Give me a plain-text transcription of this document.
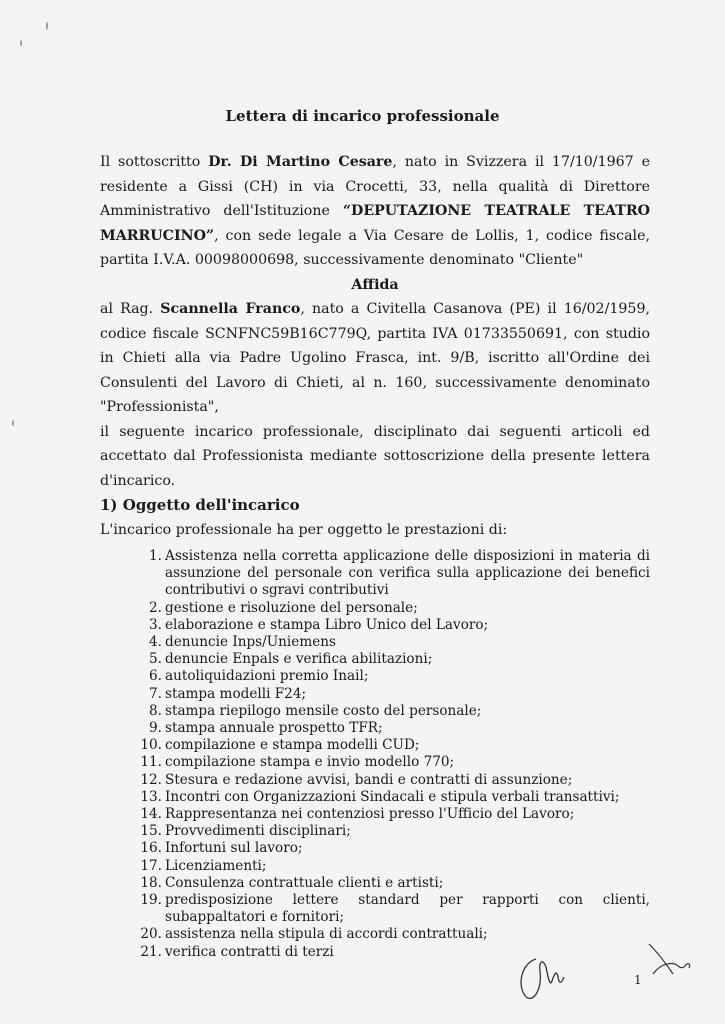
Lettera di incarico professionale

Il sottoscritto Dr. Di Martino Cesare, nato in Svizzera il 17/10/1967 e residente a Gissi (CH) in via Crocetti, 33, nella qualità di Direttore Amministrativo dell'Istituzione “DEPUTAZIONE TEATRALE TEATRO MARRUCINO”, con sede legale a Via Cesare de Lollis, 1, codice fiscale, partita I.V.A. 00098000698, successivamente denominato "Cliente"

Affida

al Rag. Scannella Franco, nato a Civitella Casanova (PE) il 16/02/1959, codice fiscale SCNFNC59B16C779Q, partita IVA 01733550691, con studio in Chieti alla via Padre Ugolino Frasca, int. 9/B, iscritto all'Ordine dei Consulenti del Lavoro di Chieti, al n. 160, successivamente denominato "Professionista",

il seguente incarico professionale, disciplinato dai seguenti articoli ed accettato dal Professionista mediante sottoscrizione della presente lettera d'incarico.

1) Oggetto dell'incarico

L'incarico professionale ha per oggetto le prestazioni di:

1. Assistenza nella corretta applicazione delle disposizioni in materia di assunzione del personale con verifica sulla applicazione dei benefici contributivi o sgravi contributivi
2. gestione e risoluzione del personale;
3. elaborazione e stampa Libro Unico del Lavoro;
4. denuncie Inps/Uniemens
5. denuncie Enpals e verifica abilitazioni;
6. autoliquidazioni premio Inail;
7. stampa modelli F24;
8. stampa riepilogo mensile costo del personale;
9. stampa annuale prospetto TFR;
10. compilazione e stampa modelli CUD;
11. compilazione stampa e invio modello 770;
12. Stesura e redazione avvisi, bandi e contratti di assunzione;
13. Incontri con Organizzazioni Sindacali e stipula verbali transattivi;
14. Rappresentanza nei contenziosi presso l'Ufficio del Lavoro;
15. Provvedimenti disciplinari;
16. Infortuni sul lavoro;
17. Licenziamenti;
18. Consulenza contrattuale clienti e artisti;
19. predisposizione lettere standard per rapporti con clienti, subappaltatori e fornitori;
20. assistenza nella stipula di accordi contrattuali;
21. verifica contratti di terzi
1
